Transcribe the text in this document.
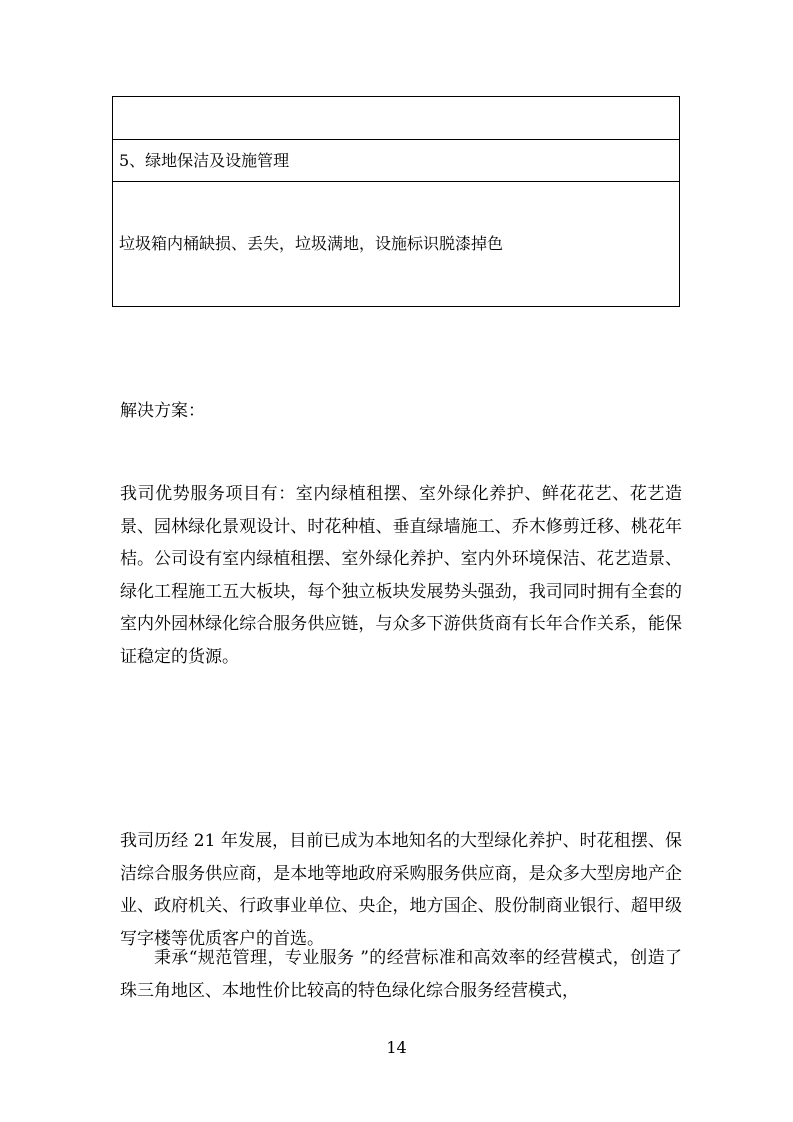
5、绿地保洁及设施管理
垃圾箱内桶缺损、丢失，垃圾满地，设施标识脱漆掉色

解决方案：

我司优势服务项目有：室内绿植租摆、室外绿化养护、鲜花花艺、花艺造景、园林绿化景观设计、时花种植、垂直绿墙施工、乔木修剪迁移、桃花年桔。公司设有室内绿植租摆、室外绿化养护、室内外环境保洁、花艺造景、绿化工程施工五大板块，每个独立板块发展势头强劲，我司同时拥有全套的室内外园林绿化综合服务供应链，与众多下游供货商有长年合作关系，能保证稳定的货源。

我司历经 21 年发展，目前已成为本地知名的大型绿化养护、时花租摆、保洁综合服务供应商，是本地等地政府采购服务供应商，是众多大型房地产企业、政府机关、行政事业单位、央企，地方国企、股份制商业银行、超甲级写字楼等优质客户的首选。

秉承“规范管理，专业服务 ”的经营标准和高效率的经营模式，创造了珠三角地区、本地性价比较高的特色绿化综合服务经营模式，

14
